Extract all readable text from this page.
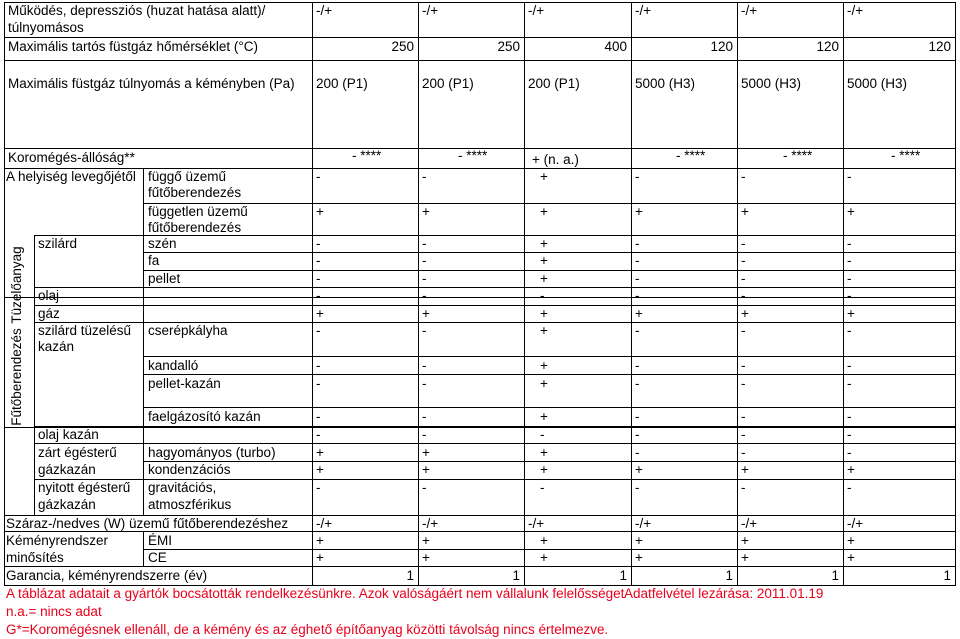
Működés, depressziós (huzat hatása alatt)/
túlnyomásos
-/+	-/+	-/+	-/+	-/+	-/+
Maximális tartós füstgáz hőmérséklet (°C)	250	250	400	120	120	120
Maximális füstgáz túlnyomás a kéményben (Pa) 200 (P1)	200 (P1)	200 (P1)	5000 (H3)	5000 (H3)	5000 (H3)
Koromégés-állóság**	- ****	- ****	+ (n. a.)	- ****	- ****	- ****
A helyiség levegőjétől függő üzemű
fűtőberendezés
-	-	+	-	-	-
független üzemű
fűtőberendezés
+	+	+	+	+	+
Tüzelőanyag
Fűtőberendezés
szilárd	szén	-	-	+	-	-	-
fa	-	-	+	-	-	-
pellet	-	-	+	-	-	-
olaj	-	-	-	-	-	-
gáz	+	+	+	+	+	+
szilárd tüzelésű
kazán
cserépkályha	-	-	+	-	-	-
kandalló	-	-	+	-	-	-
pellet-kazán	-	-	+	-	-	-
faelgázosító kazán	-	-	+	-	-	-
olaj kazán	-	-	-	-	-	-
zárt égésterű
gázkazán
hagyományos (turbo)	+	+	+	-	-	-
kondenzációs	+	+	+	+	+	+
nyitott égésterű
gázkazán
gravitációs,
atmoszférikus
-	-	-	-	-	-
Száraz-/nedves (W) üzemű fűtőberendezéshez -/+	-/+	-/+	-/+	-/+	-/+
Kéményrendszer
minősítés
ÉMI	+	+	+	+	+	+
CE	+	+	+	+	+	+
Garancia, kéményrendszerre (év)	1	1	1	1	1	1
A táblázat adatait a gyártók bocsátották rendelkezésünkre. Azok valóságáért nem vállalunk felelősséget Adatfelvétel lezárása: 2011.01.19
n.a.= nincs adat
G*=Koromégésnek ellenáll, de a kémény és az éghető építőanyag közötti távolság nincs értelmezve.
